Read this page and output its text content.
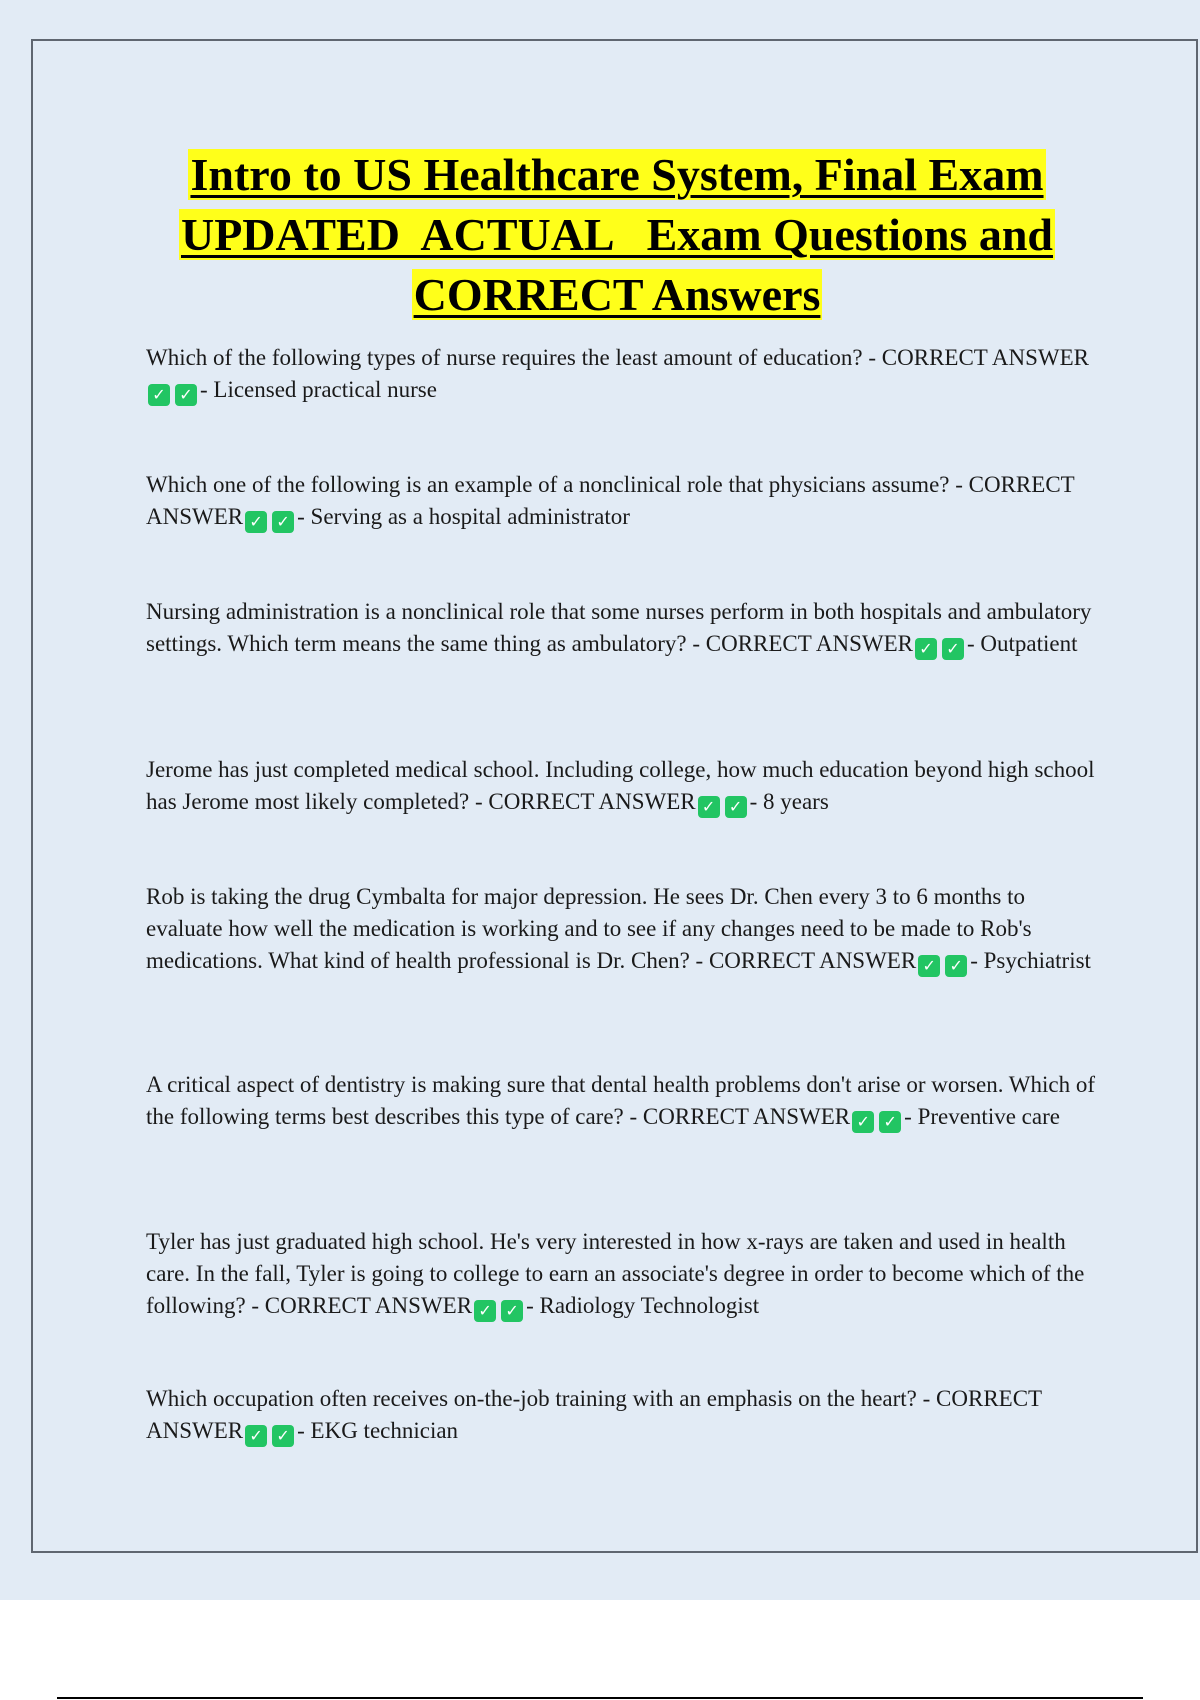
Intro to US Healthcare System, Final Exam
UPDATED  ACTUAL   Exam Questions and
CORRECT Answers

Which of the following types of nurse requires the least amount of education? - CORRECT ANSWER✓ ✓ - Licensed practical nurse

Which one of the following is an example of a nonclinical role that physicians assume? - CORRECT ANSWER ✓ ✓ - Serving as a hospital administrator

Nursing administration is a nonclinical role that some nurses perform in both hospitals and ambulatory settings. Which term means the same thing as ambulatory? - CORRECT ANSWER ✓ ✓ - Outpatient

Jerome has just completed medical school. Including college, how much education beyond high school has Jerome most likely completed? - CORRECT ANSWER ✓ ✓ - 8 years

Rob is taking the drug Cymbalta for major depression. He sees Dr. Chen every 3 to 6 months to evaluate how well the medication is working and to see if any changes need to be made to Rob's medications. What kind of health professional is Dr. Chen? - CORRECT ANSWER ✓ ✓ - Psychiatrist

A critical aspect of dentistry is making sure that dental health problems don't arise or worsen. Which of the following terms best describes this type of care? - CORRECT ANSWER ✓ ✓ - Preventive care

Tyler has just graduated high school. He's very interested in how x-rays are taken and used in health care. In the fall, Tyler is going to college to earn an associate's degree in order to become which of the following? - CORRECT ANSWER ✓ ✓ - Radiology Technologist

Which occupation often receives on-the-job training with an emphasis on the heart? - CORRECT ANSWER ✓ ✓ - EKG technician
